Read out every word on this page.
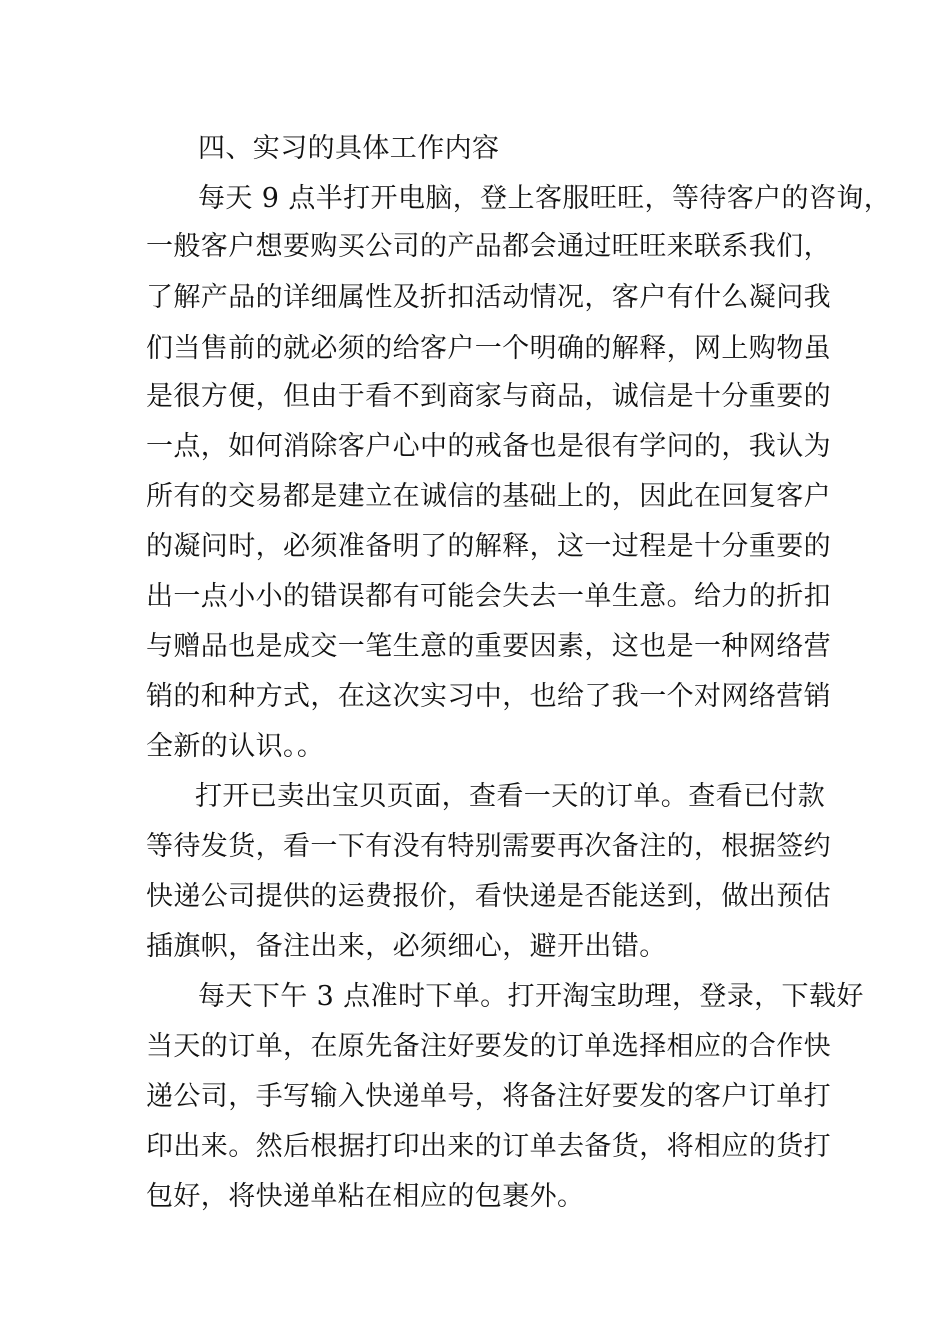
四、实习的具体工作内容
每天 9 点半打开电脑，登上客服旺旺，等待客户的咨询，
一般客户想要购买公司的产品都会通过旺旺来联系我们，
了解产品的详细属性及折扣活动情况，客户有什么凝问我
们当售前的就必须的给客户一个明确的解释，网上购物虽
是很方便，但由于看不到商家与商品，诚信是十分重要的
一点，如何消除客户心中的戒备也是很有学问的，我认为
所有的交易都是建立在诚信的基础上的，因此在回复客户
的凝问时，必须准备明了的解释，这一过程是十分重要的
出一点小小的错误都有可能会失去一单生意。给力的折扣
与赠品也是成交一笔生意的重要因素，这也是一种网络营
销的和种方式，在这次实习中，也给了我一个对网络营销
全新的认识。。
打开已卖出宝贝页面，查看一天的订单。查看已付款
等待发货，看一下有没有特别需要再次备注的，根据签约
快递公司提供的运费报价，看快递是否能送到，做出预估
插旗帜，备注出来，必须细心，避开出错。
每天下午 3 点准时下单。打开淘宝助理，登录，下载好
当天的订单，在原先备注好要发的订单选择相应的合作快
递公司，手写输入快递单号，将备注好要发的客户订单打
印出来。然后根据打印出来的订单去备货，将相应的货打
包好，将快递单粘在相应的包裹外。
